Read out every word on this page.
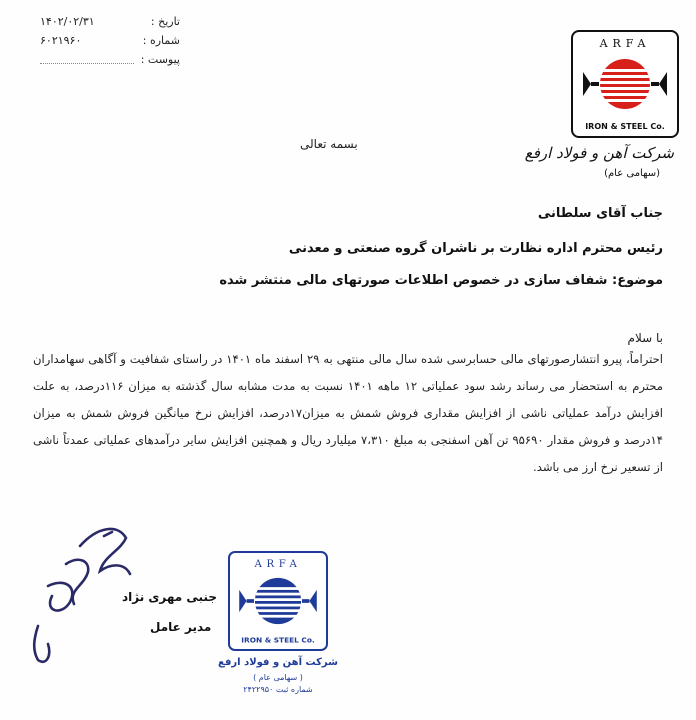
تاریخ :
۱۴۰۲/۰۲/۳۱
شماره :
۶۰۲۱۹۶۰
پیوست :
ARFA
IRON & STEEL Co.
شرکت آهن و فولاد ارفع
(سهامی عام)
بسمه تعالی
جناب آقای سلطانی
رئیس محترم اداره نظارت بر ناشران گروه صنعتی و معدنی
موضوع: شفاف سازی در خصوص اطلاعات صورتهای مالی منتشر شده
با سلام
احتراماً، پیرو انتشارصورتهای مالی حسابرسی شده سال مالی منتهی به ۲۹ اسفند ماه ۱۴۰۱ در راستای شفافیت و آگاهی سهامداران محترم به استحضار می رساند رشد سود عملیاتی ۱۲ ماهه ۱۴۰۱ نسبت به مدت مشابه سال گذشته به میزان ۱۱۶درصد، به علت افزایش درآمد عملیاتی ناشی از افزایش مقداری فروش شمش به میزان۱۷درصد، افزایش نرخ میانگین فروش شمش به میزان ۱۴درصد و فروش مقدار ۹۵۶۹۰ تن آهن اسفنجی به مبلغ ۷،۳۱۰ میلیارد ریال و همچنین افزایش سایر درآمدهای عملیاتی عمدتاً ناشی از تسعیر نرخ ارز می باشد.
جنبی مهری نژاد
مدیر عامل
ARFA
IRON & STEEL Co.
شرکت آهن و فولاد ارفع
( سهامی عام )
شماره ثبت ۲۴۲۲۹۵۰
